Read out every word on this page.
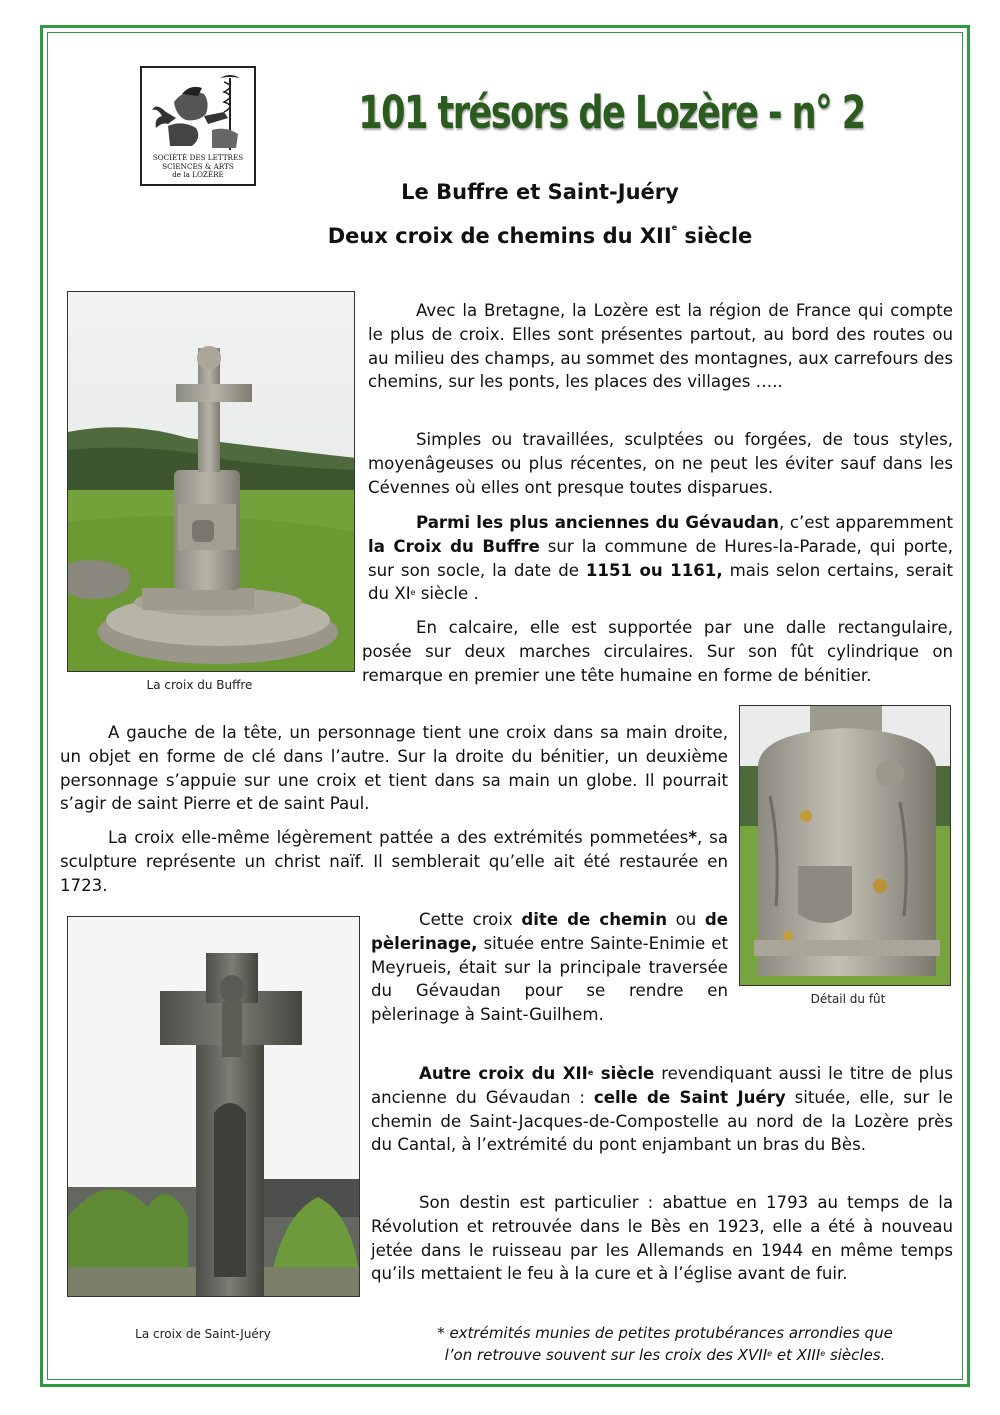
SOCIÉTÉ DES LETTRES
SCIENCES & ARTS
de la LOZÈRE
101 trésors de Lozère - n° 2
Le Buffre et Saint-Juéry
Deux croix de chemins du XIIe siècle
La croix du Buffre
Détail du fût
La croix de Saint-Juéry
Avec la Bretagne, la Lozère est la région de France qui compte le plus de croix. Elles sont présentes partout, au bord des routes ou au milieu des champs, au sommet des montagnes, aux carrefours des chemins, sur les ponts, les places des villages …..
Simples ou travaillées, sculptées ou forgées, de tous styles, moyenâgeuses ou plus récentes, on ne peut les éviter sauf dans les Cévennes où elles ont presque toutes disparues.
Parmi les plus anciennes du Gévaudan, c’est apparemment la Croix du Buffre sur la commune de Hures-la-Parade, qui porte, sur son socle, la date de 1151 ou 1161, mais selon certains, serait du XIe siècle .
En calcaire, elle est supportée par une dalle rectangulaire, posée sur deux marches circulaires. Sur son fût cylindrique on remarque en premier une tête humaine en forme de bénitier.
A gauche de la tête, un personnage tient une croix dans sa main droite, un objet en forme de clé dans l’autre. Sur la droite du bénitier, un deuxième personnage s’appuie sur une croix et tient dans sa main un globe. Il pourrait s’agir de saint Pierre et de saint Paul.
La croix elle-même légèrement pattée a des extrémités pommetées*, sa sculpture représente un christ naïf. Il semblerait qu’elle ait été restaurée en 1723.
Cette croix dite de chemin ou de pèlerinage, située entre Sainte-Enimie et Meyrueis, était sur la principale traversée du Gévaudan pour se rendre en pèlerinage à Saint-Guilhem.
Autre croix du XIIe siècle revendiquant aussi le titre de plus ancienne du Gévaudan : celle de Saint Juéry située, elle, sur le chemin de Saint-Jacques-de-Compostelle au nord de la Lozère près du Cantal, à l’extrémité du pont enjambant un bras du Bès.
Son destin est particulier : abattue en 1793 au temps de la Révolution et retrouvée dans le Bès en 1923, elle a été à nouveau jetée dans le ruisseau par les Allemands en 1944 en même temps qu’ils mettaient le feu à la cure et à l’église avant de fuir.
* extrémités munies de petites protubérances arrondies que
l’on retrouve souvent sur les croix des XVIIe et XIIIe siècles.
